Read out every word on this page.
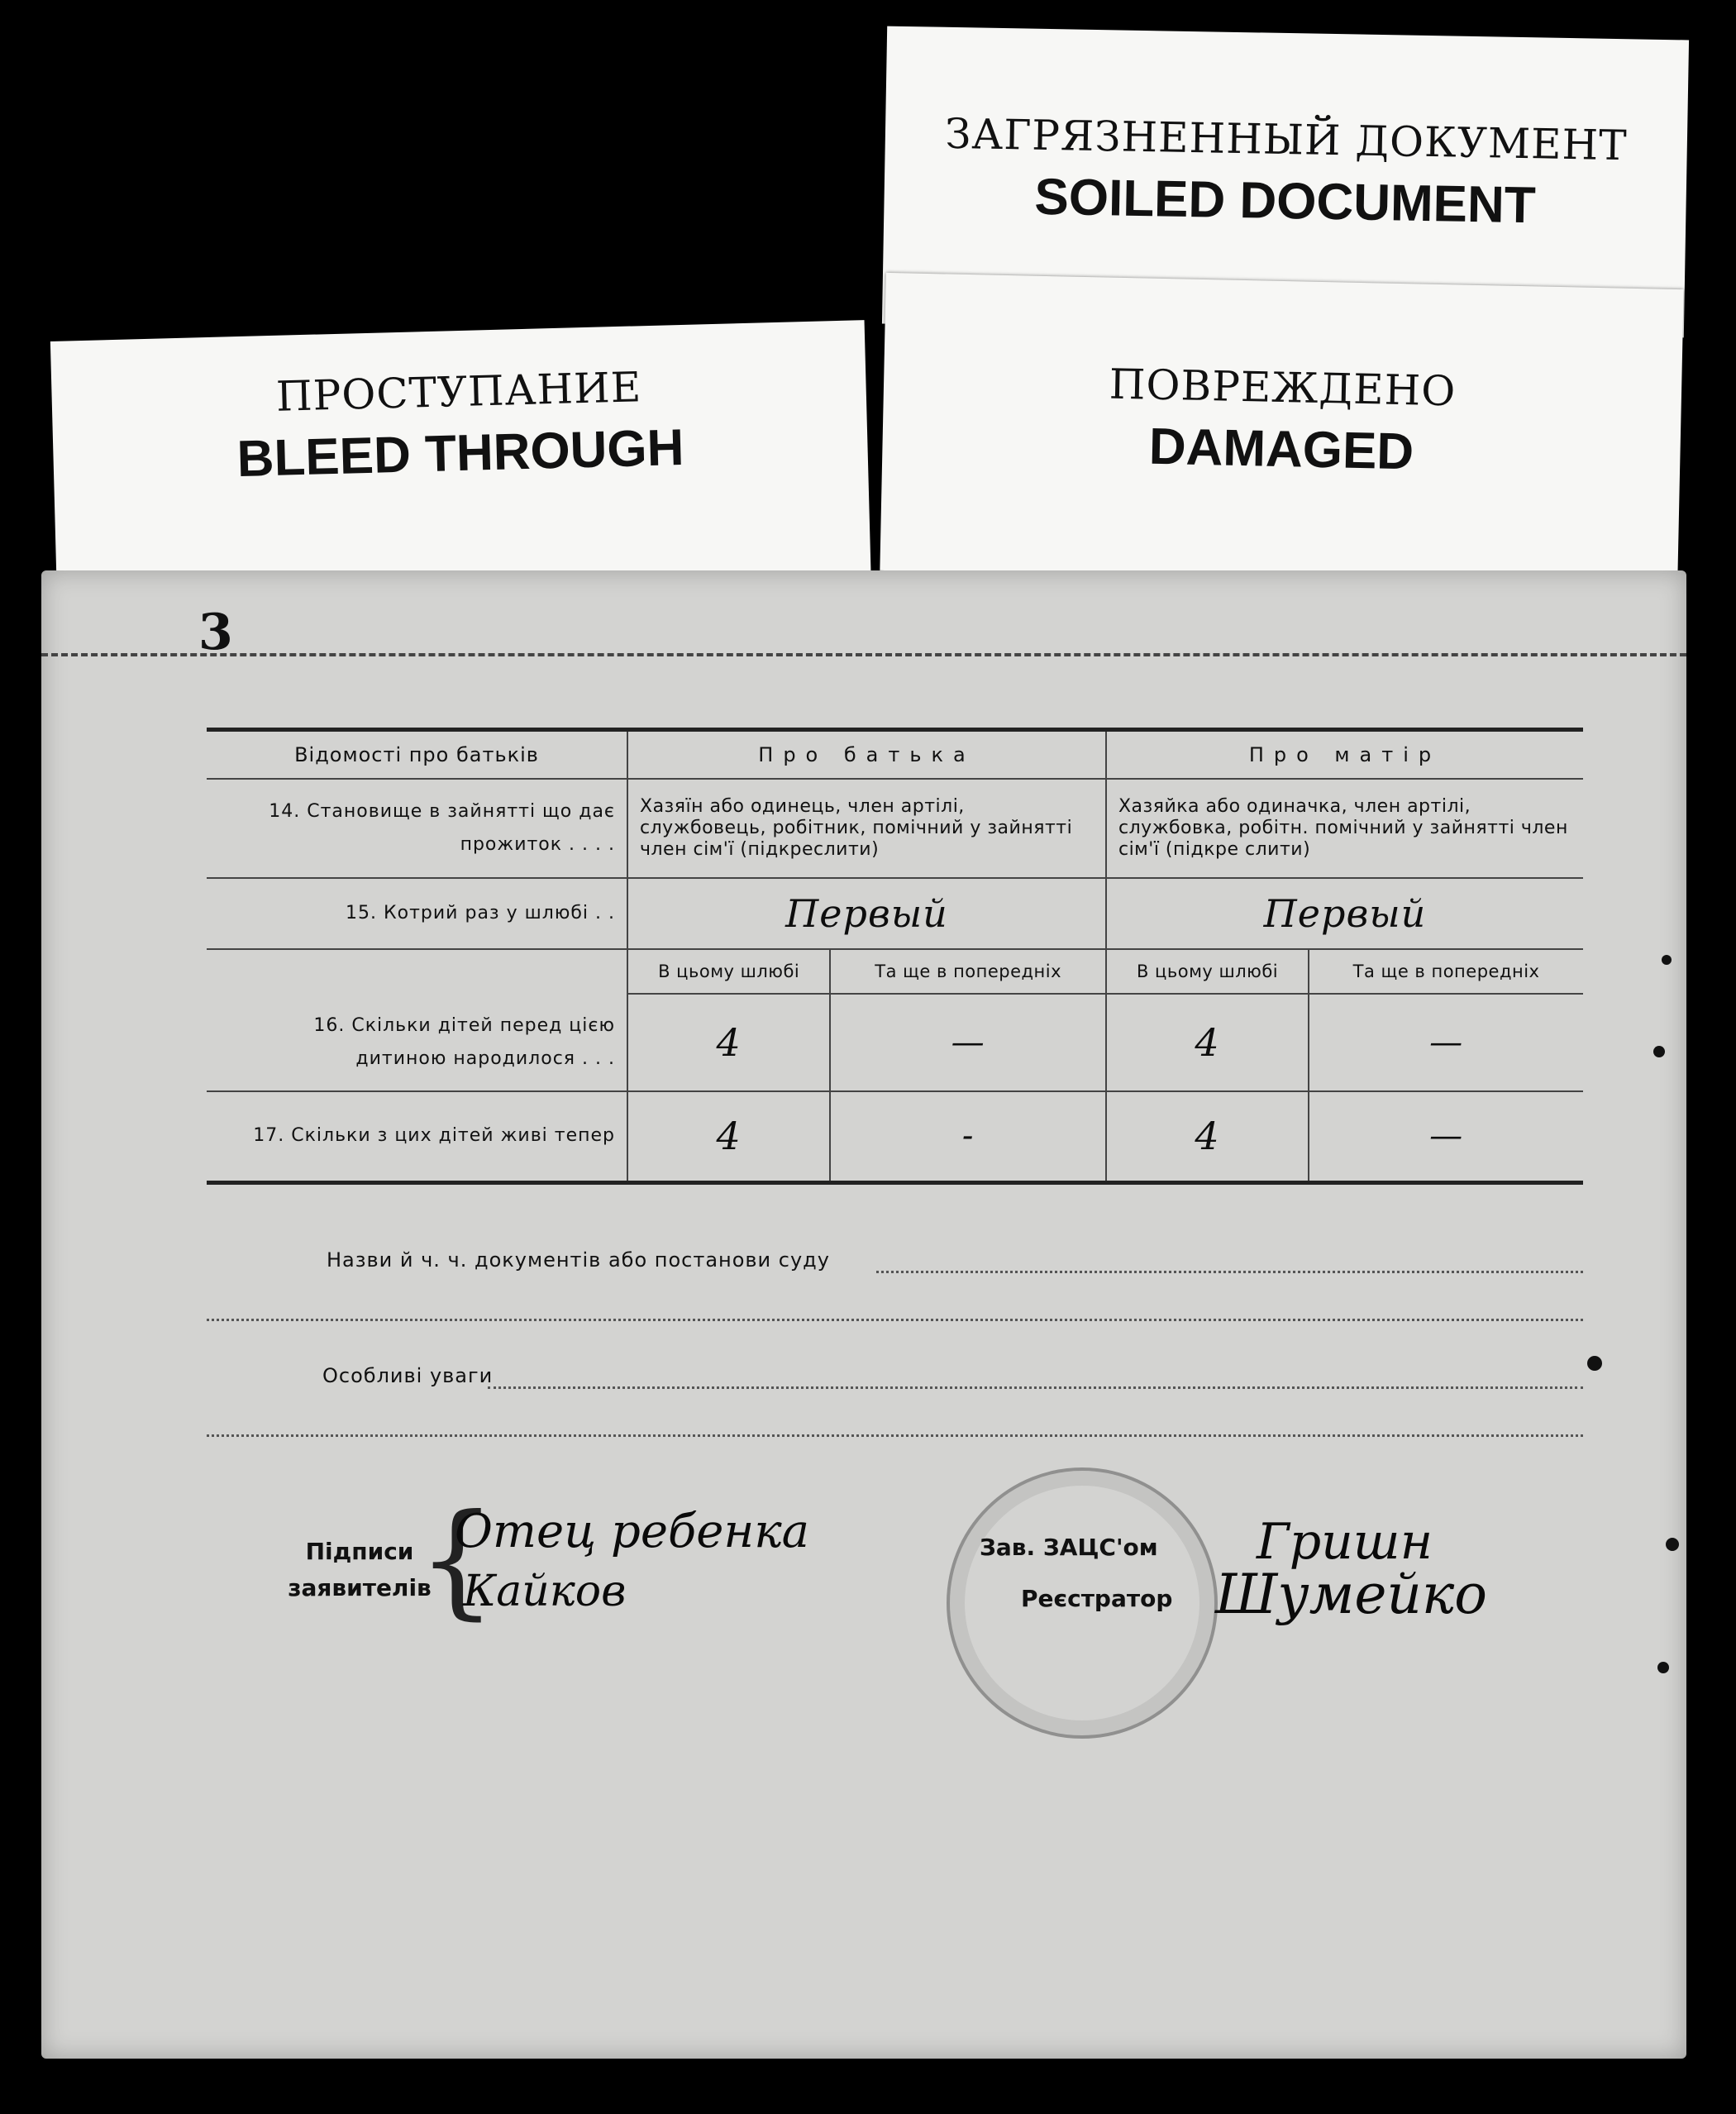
ЗАГРЯЗНЕННЫЙ ДОКУМЕНТ
SOILED DOCUMENT
ПОВРЕЖДЕНО
DAMAGED
ПРОСТУПАНИЕ
BLEED THROUGH
3
Відомості про батьків	Про батька		Про матір	
14. Становище в зайнятті що дає прожиток . . . .	Хазяїн або одинець, член артілі, службовець, робітник, помічний у зайнятті член сім'ї (підкреслити)		Хазяйка або одиначка, член артілі, службовка, робітн. помічний у зайнятті член сім'ї (підкре слити)	
15. Котрий раз у шлюбі . .	Первый		Первый	
	В цьому шлюбі	Та ще в попередніх	В цьому шлюбі	Та ще в попередніх
16. Скільки дітей перед цією дитиною народилося . . .	4	—	4	—
17. Скільки з цих дітей живі тепер	4	-	4	—
Назви й ч. ч. документів або постанови суду
Особливі уваги
Підписи
заявителів
{
Отец ребенка
Кайков
Зав. ЗАЦС'ом
Реєстратор
Гришн
Шумейко
